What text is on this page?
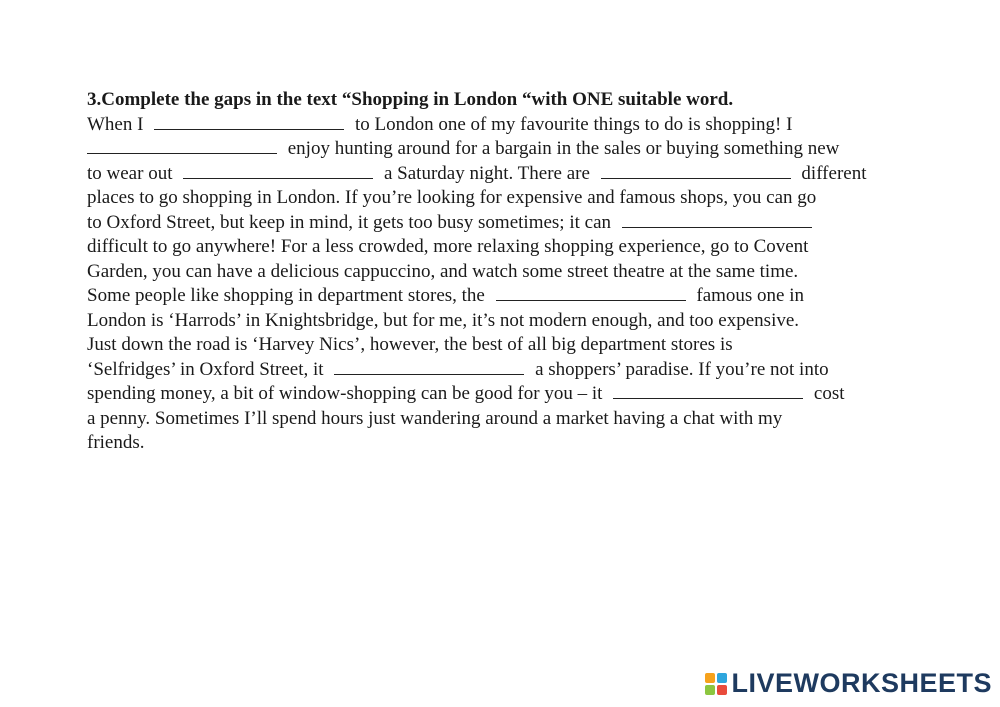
3.Complete the gaps in the text “Shopping in London “with ONE suitable word.

When I	to London one of my favourite things to do is shopping! I

enjoy hunting around for a bargain in the sales or buying something new

to wear out	a Saturday night. There are	different

places to go shopping in London. If you’re looking for expensive and famous shops, you can go

to Oxford Street, but keep in mind, it gets too busy sometimes; it can

difficult to go anywhere! For a less crowded, more relaxing shopping experience, go to Covent

Garden, you can have a delicious cappuccino, and watch some street theatre at the same time.

Some people like shopping in department stores, the	famous one in

London is ‘Harrods’ in Knightsbridge, but for me, it’s not modern enough, and too expensive.

Just down the road is ‘Harvey Nics’, however, the best of all big department stores is

‘Selfridges’ in Oxford Street, it	a shoppers’ paradise. If you’re not into

spending money, a bit of window-shopping can be good for you – it	cost

a penny. Sometimes I’ll spend hours just wandering around a market having a chat with my

friends.

LIVEWORKSHEETS
